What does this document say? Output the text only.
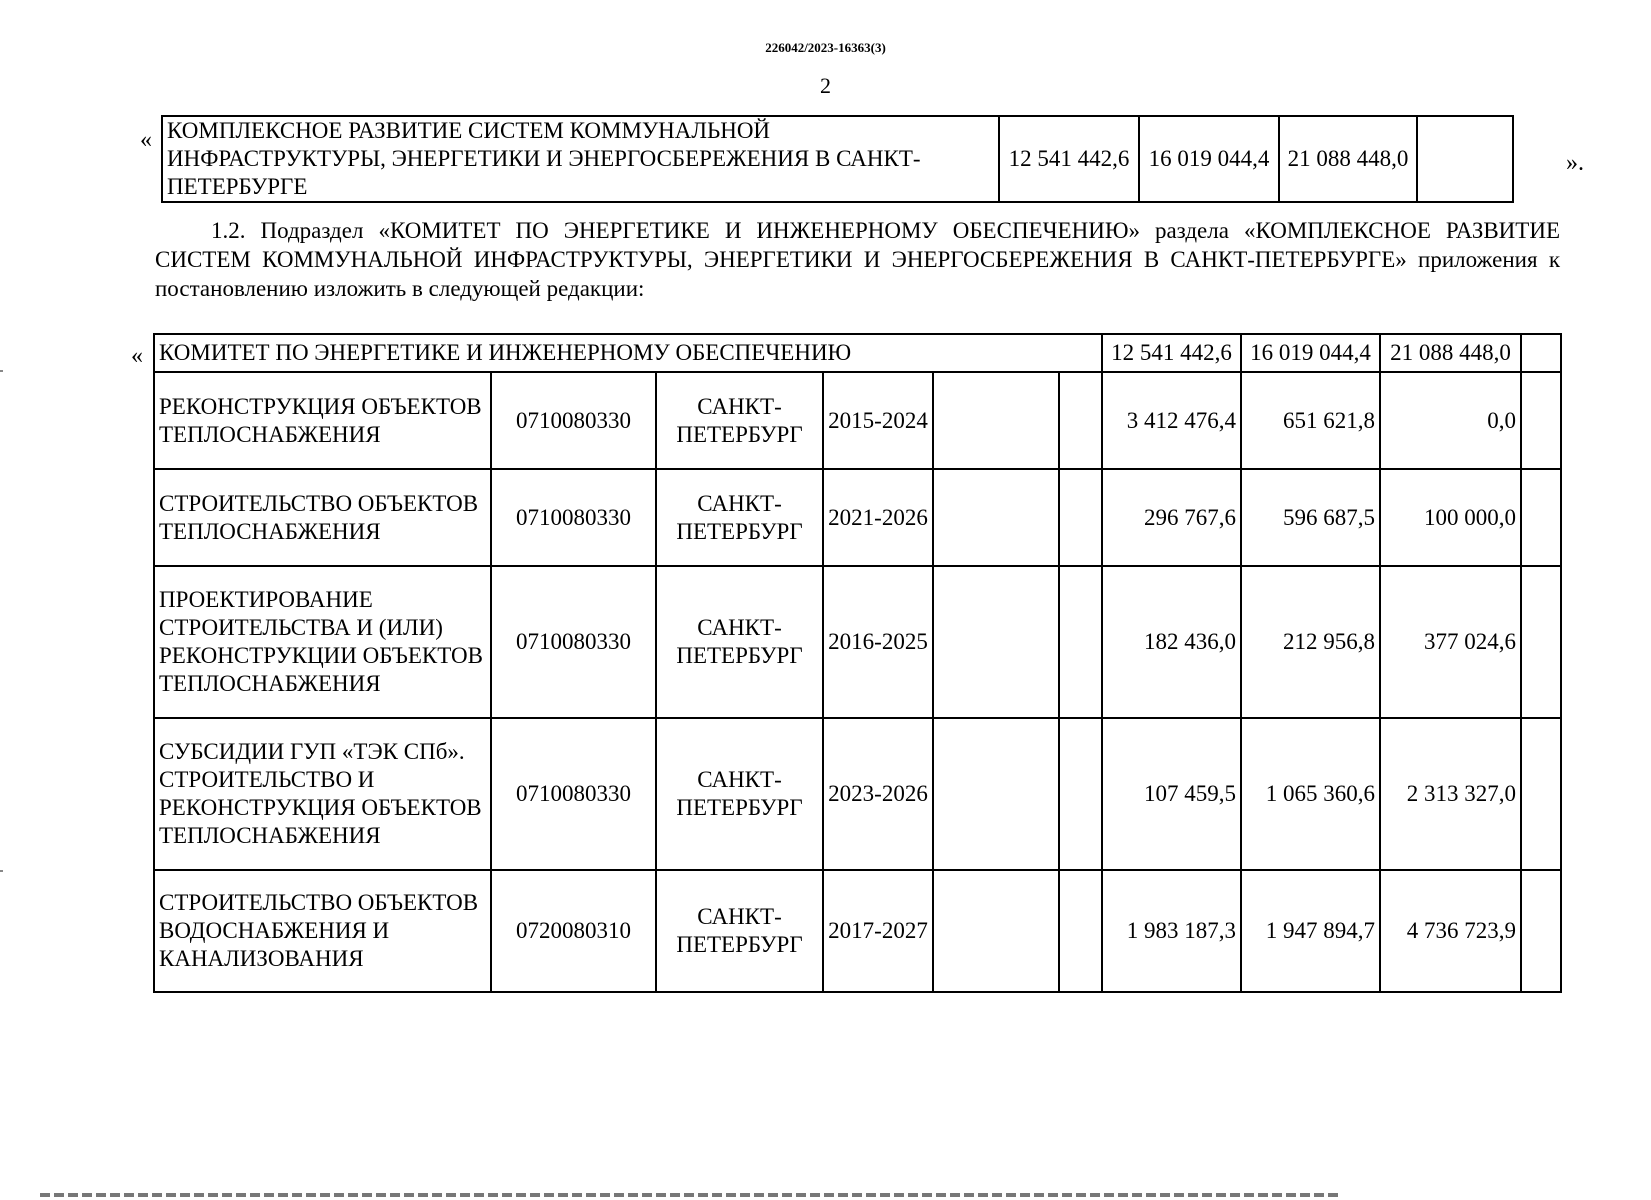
226042/2023-16363(3)
2
« КОМПЛЕКСНОЕ РАЗВИТИЕ СИСТЕМ КОММУНАЛЬНОЙ ИНФРАСТРУКТУРЫ, ЭНЕРГЕТИКИ И ЭНЕРГОСБЕРЕЖЕНИЯ В САНКТ-ПЕТЕРБУРГЕ	12 541 442,6	16 019 044,4	21 088 448,0		».
1.2. Подраздел «КОМИТЕТ ПО ЭНЕРГЕТИКЕ И ИНЖЕНЕРНОМУ ОБЕСПЕЧЕНИЮ» раздела «КОМПЛЕКСНОЕ РАЗВИТИЕ СИСТЕМ КОММУНАЛЬНОЙ ИНФРАСТРУКТУРЫ, ЭНЕРГЕТИКИ И ЭНЕРГОСБЕРЕЖЕНИЯ В САНКТ-ПЕТЕРБУРГЕ» приложения к постановлению изложить в следующей редакции:
« КОМИТЕТ ПО ЭНЕРГЕТИКЕ И ИНЖЕНЕРНОМУ ОБЕСПЕЧЕНИЮ						12 541 442,6	16 019 044,4	21 088 448,0	
РЕКОНСТРУКЦИЯ ОБЪЕКТОВ ТЕПЛОСНАБЖЕНИЯ	0710080330	САНКТ-ПЕТЕРБУРГ	2015-2024			3 412 476,4	651 621,8	0,0	
СТРОИТЕЛЬСТВО ОБЪЕКТОВ ТЕПЛОСНАБЖЕНИЯ	0710080330	САНКТ-ПЕТЕРБУРГ	2021-2026			296 767,6	596 687,5	100 000,0	
ПРОЕКТИРОВАНИЕ СТРОИТЕЛЬСТВА И (ИЛИ) РЕКОНСТРУКЦИИ ОБЪЕКТОВ ТЕПЛОСНАБЖЕНИЯ	0710080330	САНКТ-ПЕТЕРБУРГ	2016-2025			182 436,0	212 956,8	377 024,6	
СУБСИДИИ ГУП «ТЭК СПб». СТРОИТЕЛЬСТВО И РЕКОНСТРУКЦИЯ ОБЪЕКТОВ ТЕПЛОСНАБЖЕНИЯ	0710080330	САНКТ-ПЕТЕРБУРГ	2023-2026			107 459,5	1 065 360,6	2 313 327,0	
СТРОИТЕЛЬСТВО ОБЪЕКТОВ ВОДОСНАБЖЕНИЯ И КАНАЛИЗОВАНИЯ	0720080310	САНКТ-ПЕТЕРБУРГ	2017-2027			1 983 187,3	1 947 894,7	4 736 723,9	
